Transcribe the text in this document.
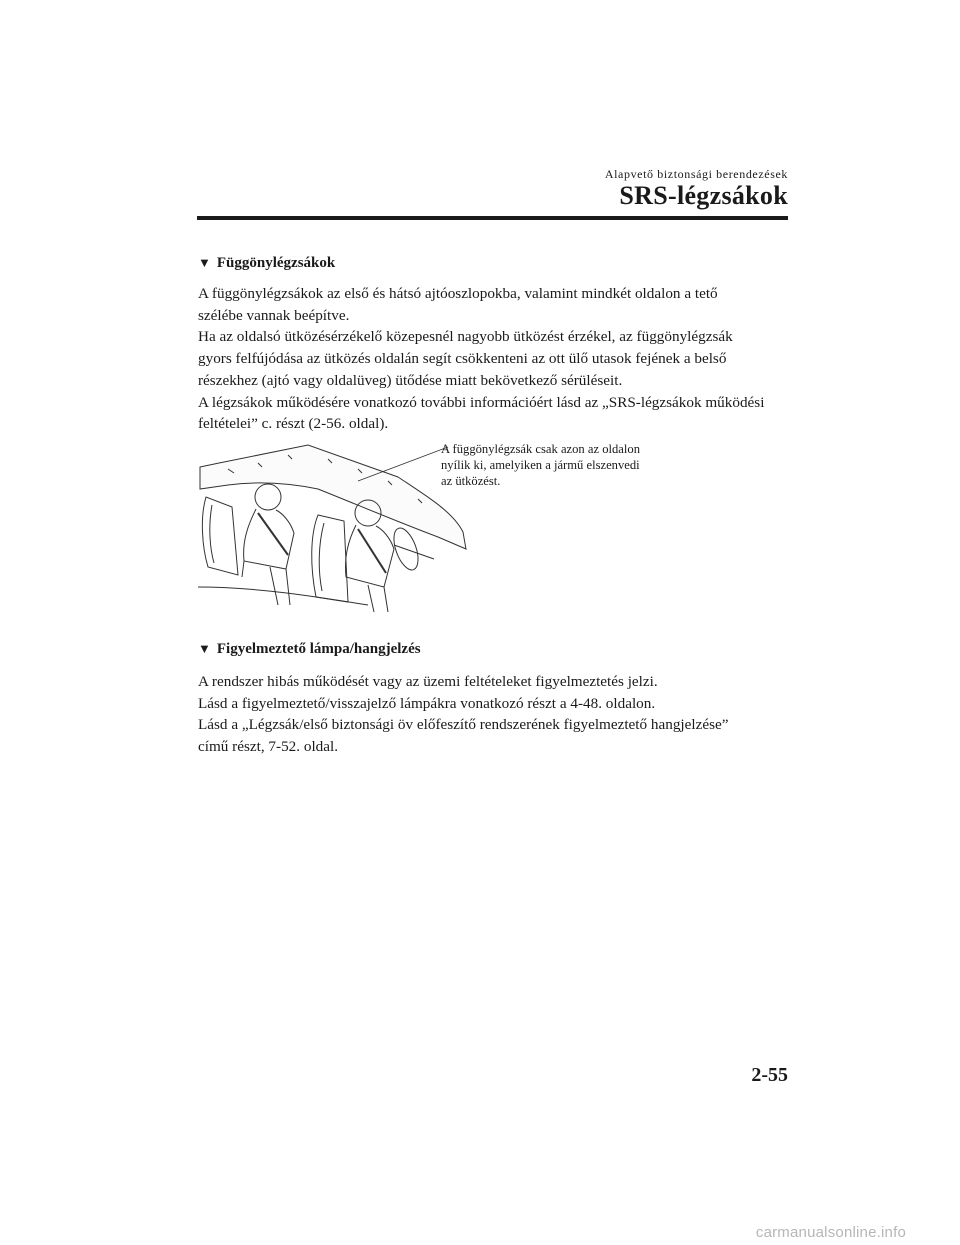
Alapvető biztonsági berendezések
SRS-légzsákok
▼ Függönylégzsákok

A függönylégzsákok az első és hátsó ajtóoszlopokba, valamint mindkét oldalon a tető
szélébe vannak beépítve.
Ha az oldalsó ütközésérzékelő közepesnél nagyobb ütközést érzékel, az függönylégzsák
gyors felfújódása az ütközés oldalán segít csökkenteni az ott ülő utasok fejének a belső
részekhez (ajtó vagy oldalüveg) ütődése miatt bekövetkező sérüléseit.
A légzsákok működésére vonatkozó további információért lásd az „SRS-légzsákok működési
feltételei” c. részt (2-56. oldal).

A függönylégzsák csak azon az oldalon
nyílik ki, amelyiken a jármű elszenvedi
az ütközést.
▼ Figyelmeztető lámpa/hangjelzés

A rendszer hibás működését vagy az üzemi feltételeket figyelmeztetés jelzi.
Lásd a figyelmeztető/visszajelző lámpákra vonatkozó részt a 4-48. oldalon.
Lásd a „Légzsák/első biztonsági öv előfeszítő rendszerének figyelmeztető hangjelzése”
című részt, 7-52. oldal.

2-55
carmanualsonline.info
